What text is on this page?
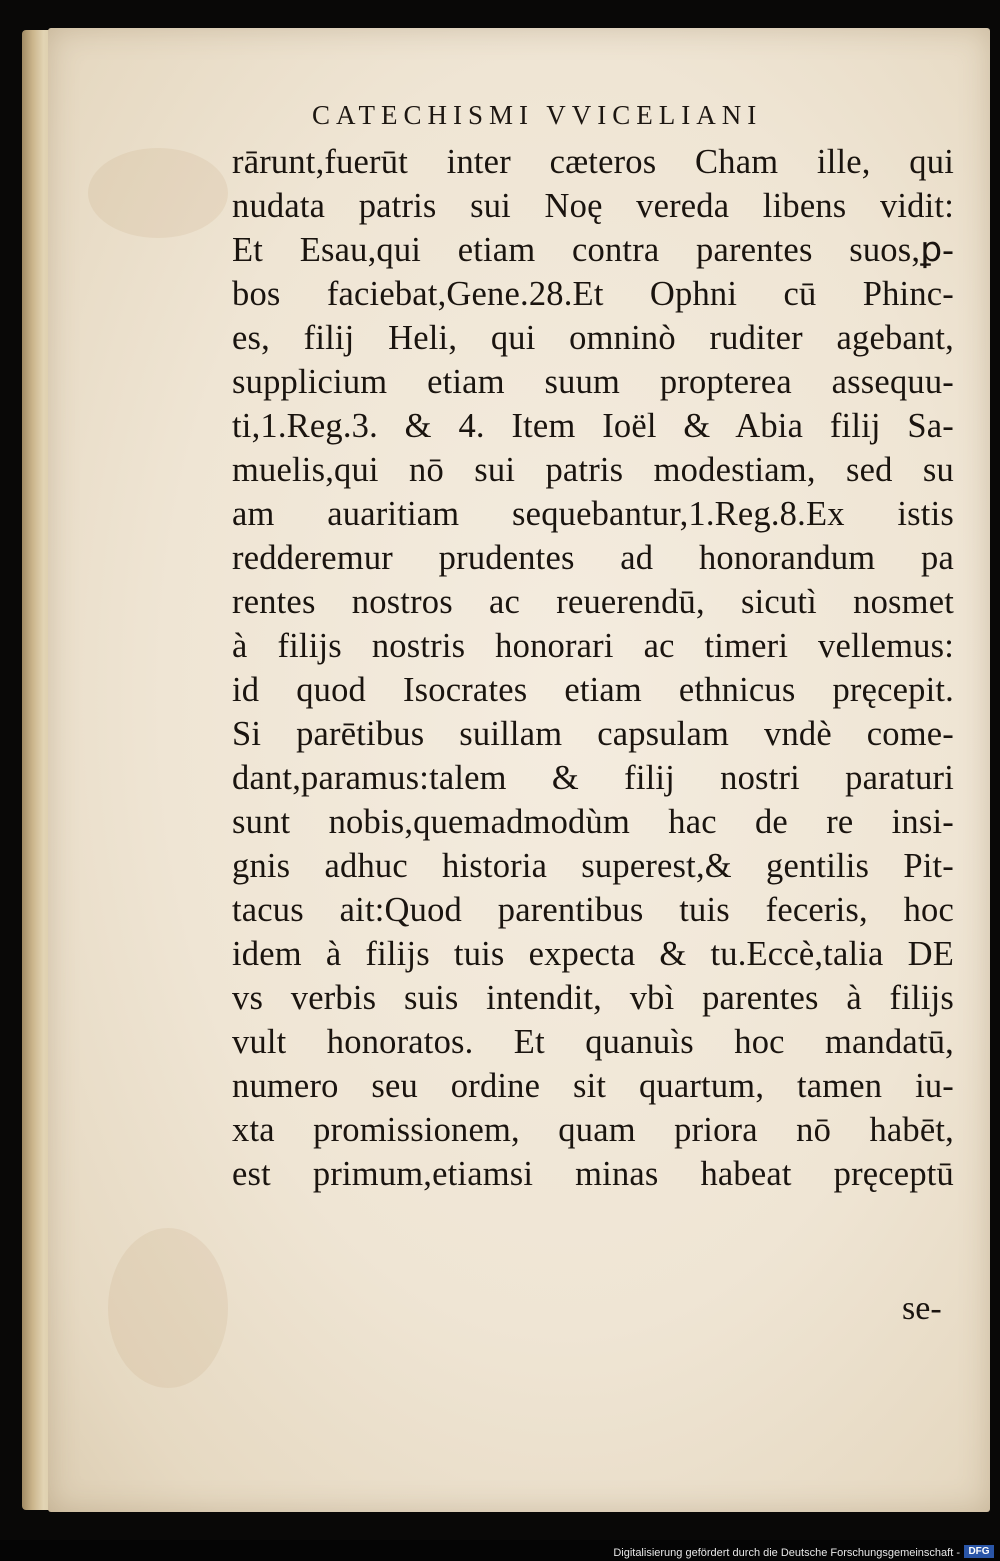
CATECHISMI VVICELIANI
rārunt,fuerūt inter cæteros Cham ille, qui
nudata patris sui Noę vereda libens vidit:
Et Esau,qui etiam contra parentes suos,ꝑ-
bos faciebat,Gene.28.Et Ophni cū Phinc-
es, filij Heli, qui omninò ruditer agebant,
supplicium etiam suum propterea assequu-
ti,1.Reg.3. & 4. Item Ioël & Abia filij Sa-
muelis,qui nō sui patris modestiam, sed su
am auaritiam sequebantur,1.Reg.8.Ex istis
redderemur prudentes ad honorandum pa
rentes nostros ac reuerendū, sicutì nosmet
à filijs nostris honorari ac timeri vellemus:
id quod Isocrates etiam ethnicus pręcepit.
Si parētibus suillam capsulam vndè come-
dant,paramus:talem & filij nostri paraturi
sunt nobis,quemadmodùm hac de re insi-
gnis adhuc historia superest,& gentilis Pit-
tacus ait:Quod parentibus tuis feceris, hoc
idem à filijs tuis expecta & tu.Eccè,talia DE
vs verbis suis intendit, vbì parentes à filijs
vult honoratos. Et quanuìs hoc mandatū,
numero seu ordine sit quartum, tamen iu-
xta promissionem, quam priora nō habēt,
est primum,etiamsi minas habeat pręceptū
se-
Digitalisierung gefördert durch die Deutsche Forschungsgemeinschaft - DFG
